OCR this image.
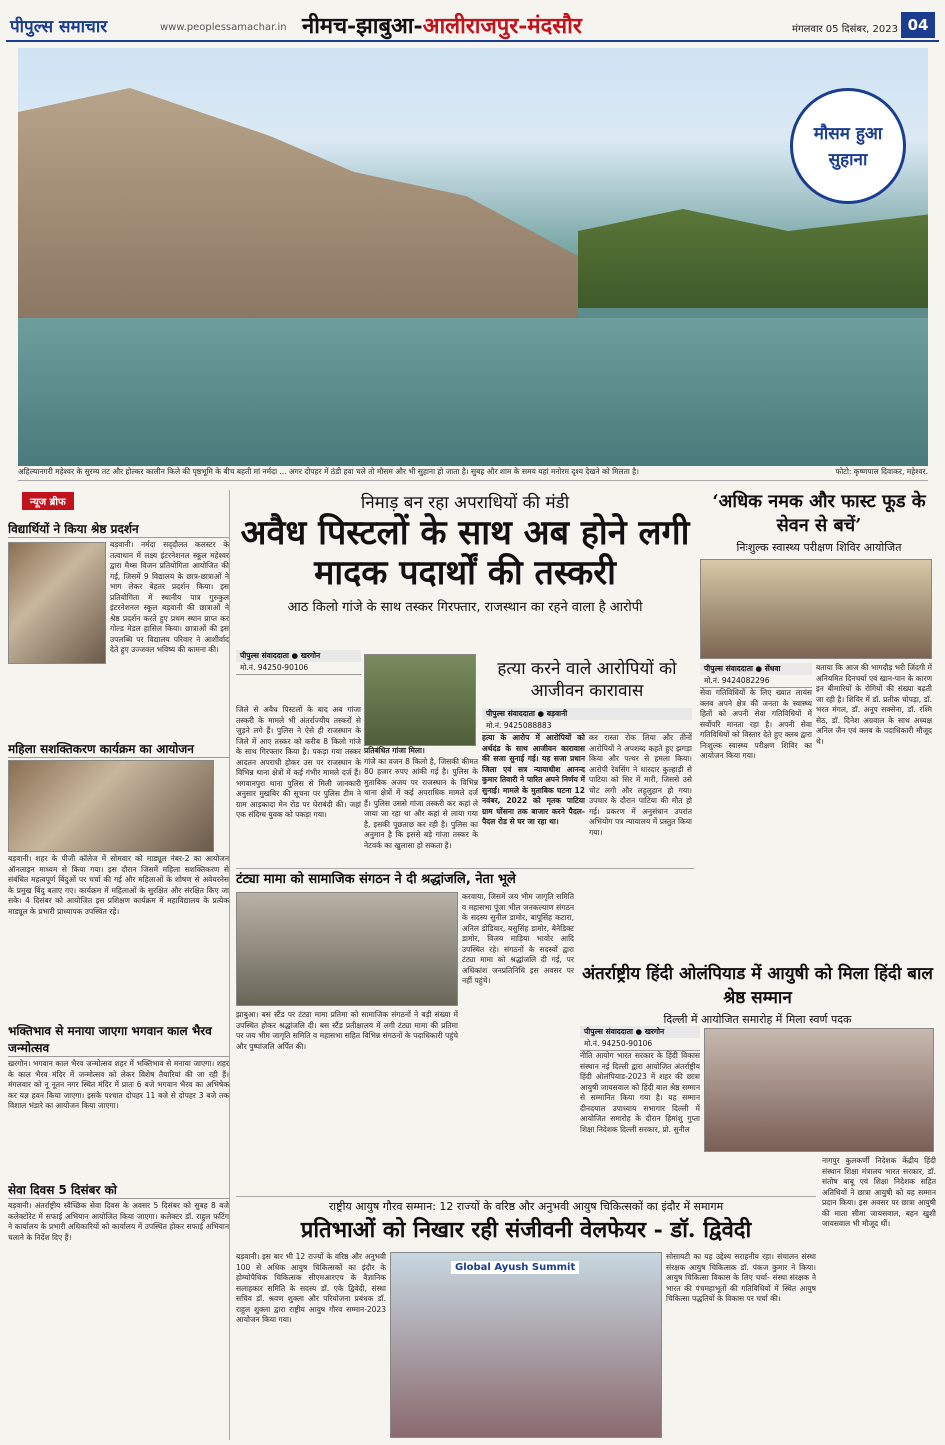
पीपुल्स समाचार	www.peoplessamachar.in नीमच-झाबुआ-आलीराजपुर-मंदसौर	मंगलवार 05 दिसंबर, 2023 04
मौसम हुआ सुहाना
अहिल्यानगरी महेश्वर के सुरम्य तट और होल्कर कालीन किले की पृष्ठभूमि के बीच बहती मां नर्मदा ... अगर दोपहर में ठंडी हवा चले तो मौसम और भी सुहाना हो जाता है। सुबह और शाम के समय यहां मनोरम दृश्य देखने को मिलता है।	फोटो: कृष्णपाल दिवाकर, महेश्वर.
न्यूज ब्रीफ
विद्यार्थियों ने किया श्रेष्ठ प्रदर्शन
बड़वानी। नर्मदा सद्‌दौलत कलस्टर के तत्वाधान में लक्ष्य इंटरनेशनल स्कूल महेश्वर द्वारा मैथ्स विजन प्रतियोगिता आयोजित की गई, जिसमें 9 विद्यालय के छात्र-छात्राओं ने भाग लेकर बेहतर प्रदर्शन किया। इस प्रतियोगिता में स्थानीय पात्र गुरुकुल इंटरनेशनल स्कूल बड़वानी की छात्राओं ने श्रेष्ठ प्रदर्शन करते हुए प्रथम स्थान प्राप्त कर गोल्ड मेडल हासिल किया। छात्राओं की इस उपलब्धि पर विद्यालय परिवार ने आशीर्वाद देते हुए उज्जवल भविष्य की कामना की।
महिला सशक्तिकरण कार्यक्रम का आयोजन
बड़वानी। शहर के पीजी कॉलेज में सोमवार को माड्यूल नंबर-2 का आयोजन ऑनलाइन माध्यम से किया गया। इस दौरान जिसमें महिला सशक्तिकरण से संबंधित महत्वपूर्ण बिंदुओं पर चर्चा की गई और महिलाओं के शोषण से अवेयरनेस के प्रमुख बिंदु बताए गए। कार्यक्रम में महिलाओं के सुरक्षित और संरक्षित किए जा सके। 4 दिसंबर को आयोजित इस प्रशिक्षण कार्यक्रम में महाविद्यालय के प्रत्येक माड्यूल के प्रभारी प्राध्यापक उपस्थित रहे।
भक्तिभाव से मनाया जाएगा भगवान काल भैरव जन्मोत्सव
खरगोन। भगवान काल भैरव जन्मोत्सव शहर में भक्तिभाव से मनाया जाएगा। शहर के काल भैरव मंदिर में जन्मोत्सव को लेकर विशेष तैयारियां की जा रही हैं। मंगलवार को नू नूतन नगर स्थित मंदिर में प्रातः 6 बजे भगवान भैरव का अभिषेक कर यज्ञ हवन किया जाएगा। इसके पश्चात दोपहर 11 बजे से दोपहर 3 बजे तक विशाल भंडारे का आयोजन किया जाएगा।
सेवा दिवस 5 दिसंबर को
बड़वानी। अंतर्राष्ट्रीय स्वैच्छिक सेवा दिवस के अवसर 5 दिसंबर को सुबह 8 बजे कलेक्टोरेट में सफाई अभियान आयोजित किया जाएगा। कलेक्टर डॉ. राहुल फटिंग ने कार्यालय के प्रभारी अधिकारियों को कार्यालय में उपस्थित होकर सफाई अभियान चलाने के निर्देश दिए हैं।
निमाड़ बन रहा अपराधियों की मंडी
अवैध पिस्टलों के साथ अब होने लगी मादक पदार्थों की तस्करी
आठ किलो गांजे के साथ तस्कर गिरफ्तार, राजस्थान का रहने वाला है आरोपी
पीपुल्स संवाददाता ● खरगोन
मो.नं. 94250-90106
जिले से अवैध पिस्टलों के बाद अब गांजा तस्करी के मामले भी अंतर्राज्यीय तस्करों से जुड़ने लगे हैं। पुलिस ने ऐसे ही राजस्थान के जिले में आए तस्कर को करीब 8 किलो गांजे के साथ गिरफ्तार किया है। पकड़ा गया तस्कर आदतन अपराधी होकर उस पर राजस्थान के विभिन्न थाना क्षेत्रों में कई गंभीर मामले दर्ज हैं। भगवानपुरा थाना पुलिस से मिली जानकारी अनुसार मुखबिर की सूचना पर पुलिस टीम ने ग्राम आड़कादा मेन रोड पर घेराबंदी की। जहां एक संदिग्ध युवक को पकड़ा गया।
प्रतिबंधित गांजा मिला।
गांजे का वजन 8 किलो है, जिसकी कीमत 80 हजार रुपए आंकी गई है। पुलिस के मुताबिक अजय पर राजस्थान के विभिन्न थाना क्षेत्रों में कई अपराधिक मामले दर्ज हैं। पुलिस उससे गांजा तस्करी कर कहां ले जाया जा रहा था और कहां से लाया गया है, इसकी पूछताछ कर रही है। पुलिस का अनुमान है कि इससे बड़े गांजा तस्कर के नेटवर्क का खुलासा हो सकता है।
हत्या करने वाले आरोपियों को आजीवन कारावास
पीपुल्स संवाददाता ● बड़वानी
मो.नं. 9425088883
हत्या के आरोप में आरोपियों को अर्थदंड के साथ आजीवन कारावास की सजा सुनाई गई। यह सजा प्रधान जिला एवं सत्र न्यायाधीश आनन्द कुमार तिवारी ने पारित अपने निर्णय में सुनाई। मामले के मुताबिक घटना 12 नवंबर, 2022 को मृतक पाटिया ग्राम घोंसना तक बाजार करने पैदल-पैदल रोड से घर जा रहा था।
कर रास्ता रोक लिया और तीनों आरोपियों ने अपशब्द कहते हुए झगड़ा किया और पत्थर से हमला किया। आरोपी रेवसिंग ने धारदार कुल्हाड़ी से पाटिया को सिर में मारी, जिससे उसे चोट लगी और लहूलुहान हो गया। उपचार के दौरान पाटिया की मौत हो गई। प्रकरण में अनुसंधान उपरांत अभियोग पत्र न्यायालय में प्रस्तुत किया गया।
टंट्या मामा को सामाजिक संगठन ने दी श्रद्धांजलि, नेता भूले
झाबुआ। बस स्टैंड पर टंट्या मामा प्रतिमा को सामाजिक संगठनों ने बड़ी संख्या में उपस्थित होकर श्रद्धांजलि दी। बस स्टैंड प्रतीक्षालय में लगी टंट्या मामा की प्रतिमा पर जय भीम जागृति समिति व महासभा सहित विभिन्न संगठनों के पदाधिकारी पहुंचे और पुष्पांजलि अर्पित की।
करवाया, जिसमें जय भीम जागृति समिति व महासभा पूंजा भील जनकल्याण संगठन के सदस्य सुनील डामोर, बापूसिंह कटारा, अनिल डोडियार, बसुसिंह डामोर, बेनेडिक्ट डामोर, विजय माड़िया भावोर आदि उपस्थित रहे। संगठनों के सदस्यों द्वारा टंट्या मामा को श्रद्धांजलि दी गई, पर अधिकांश जनप्रतिनिधि इस अवसर पर नहीं पहुंचे।	अंतर्राष्ट्रीय हिंदी ओलंपियाड में आयुषी को मिला हिंदी बाल श्रेष्ठ सम्मान
दिल्ली में आयोजित समारोह में मिला स्वर्ण पदक
पीपुल्स संवाददाता ● खरगोन
मो.नं. 94250-90106
नीति आयोग भारत सरकार के हिंदी विकास संस्थान नई दिल्ली द्वारा आयोजित अंतर्राष्ट्रीय हिंदी ओलंपियाड-2023 में शहर की छात्रा आयुषी जायसवाल को हिंदी बाल श्रेष्ठ सम्मान से सम्मानित किया गया है। यह सम्मान दीनदयाल उपाध्याय सभागार दिल्ली में आयोजित समारोह के दौरान हिमांशु गुप्ता शिक्षा निदेशक दिल्ली सरकार, प्रो. सुनील
राष्ट्रीय आयुष गौरव सम्मान: 12 राज्यों के वरिष्ठ और अनुभवी आयुष चिकित्सकों का इंदौर में समागम
प्रतिभाओं को निखार रही संजीवनी वेलफेयर - डॉ. द्विवेदी
बड़वानी। इस बार भी 12 राज्यों के वरिष्ठ और अनुभवी 100 से अधिक आयुष चिकित्सकों का इंदौर के होम्योपैथिक चिकित्सक सीएमआरएच के वैज्ञानिक सलाहकार समिति के सदस्य डॉ. एके द्विवेदी, संस्था सचिव डॉ. श्रवण शुक्ला और परियोजना प्रबंधक डॉ. राहुल शुक्ला द्वारा राष्ट्रीय आयुष गौरव सम्मान-2023 आयोजन किया गया।
Global Ayush Summit
सोसायटी का यह उद्देश्य सराहनीय रहा। संचालन संस्था संरक्षक आयुष चिकित्सक डॉ. पंकज कुमार ने किया। आयुष चिकित्सा विकास के लिए चर्चा- संस्था संरक्षक ने भारत की पंचमहाभूतों की गतिविधियों में स्थित आयुष चिकित्सा पद्धतियों के विकास पर चर्चा की।
‘अधिक नमक और फास्ट फूड के सेवन से बचें’
निःशुल्क स्वास्थ्य परीक्षण शिविर आयोजित
पीपुल्स संवाददाता ● सेंधवा
मो.नं. 9424082296
सेवा गतिविधियों के लिए ख्यात लायंस क्लब अपने क्षेत्र की जनता के स्वास्थ्य हितों को अपनी सेवा गतिविधियों में सर्वोपरि मानता रहा है। अपनी सेवा गतिविधियों को विस्तार देते हुए क्लब द्वारा निःशुल्क स्वास्थ्य परीक्षण शिविर का आयोजन किया गया।
बताया कि आज की भागदौड़ भरी जिंदगी में अनियमित दिनचर्या एवं खान-पान के कारण इन बीमारियों के रोगियों की संख्या बढ़ती जा रही है। शिविर में डॉ. प्रतीक चोपड़ा, डॉ. भरत मंगल, डॉ. अनूप सक्सेना, डॉ. रश्मि सेठ, डॉ. दिनेश अग्रवाल के साथ अध्यक्ष अनिल जैन एवं क्लब के पदाधिकारी मौजूद थे।
नागपुर कुलकर्णी निदेशक केंद्रीय हिंदी संस्थान शिक्षा मंत्रालय भारत सरकार, डॉ. संतोष बाबू एवं शिक्षा निदेशक सहित अतिथियों ने छात्रा आयुषी को यह सम्मान प्रदान किया। इस अवसर पर छात्रा आयुषी की माता सीमा जायसवाल, बहन खुशी जायसवाल भी मौजूद थीं।
